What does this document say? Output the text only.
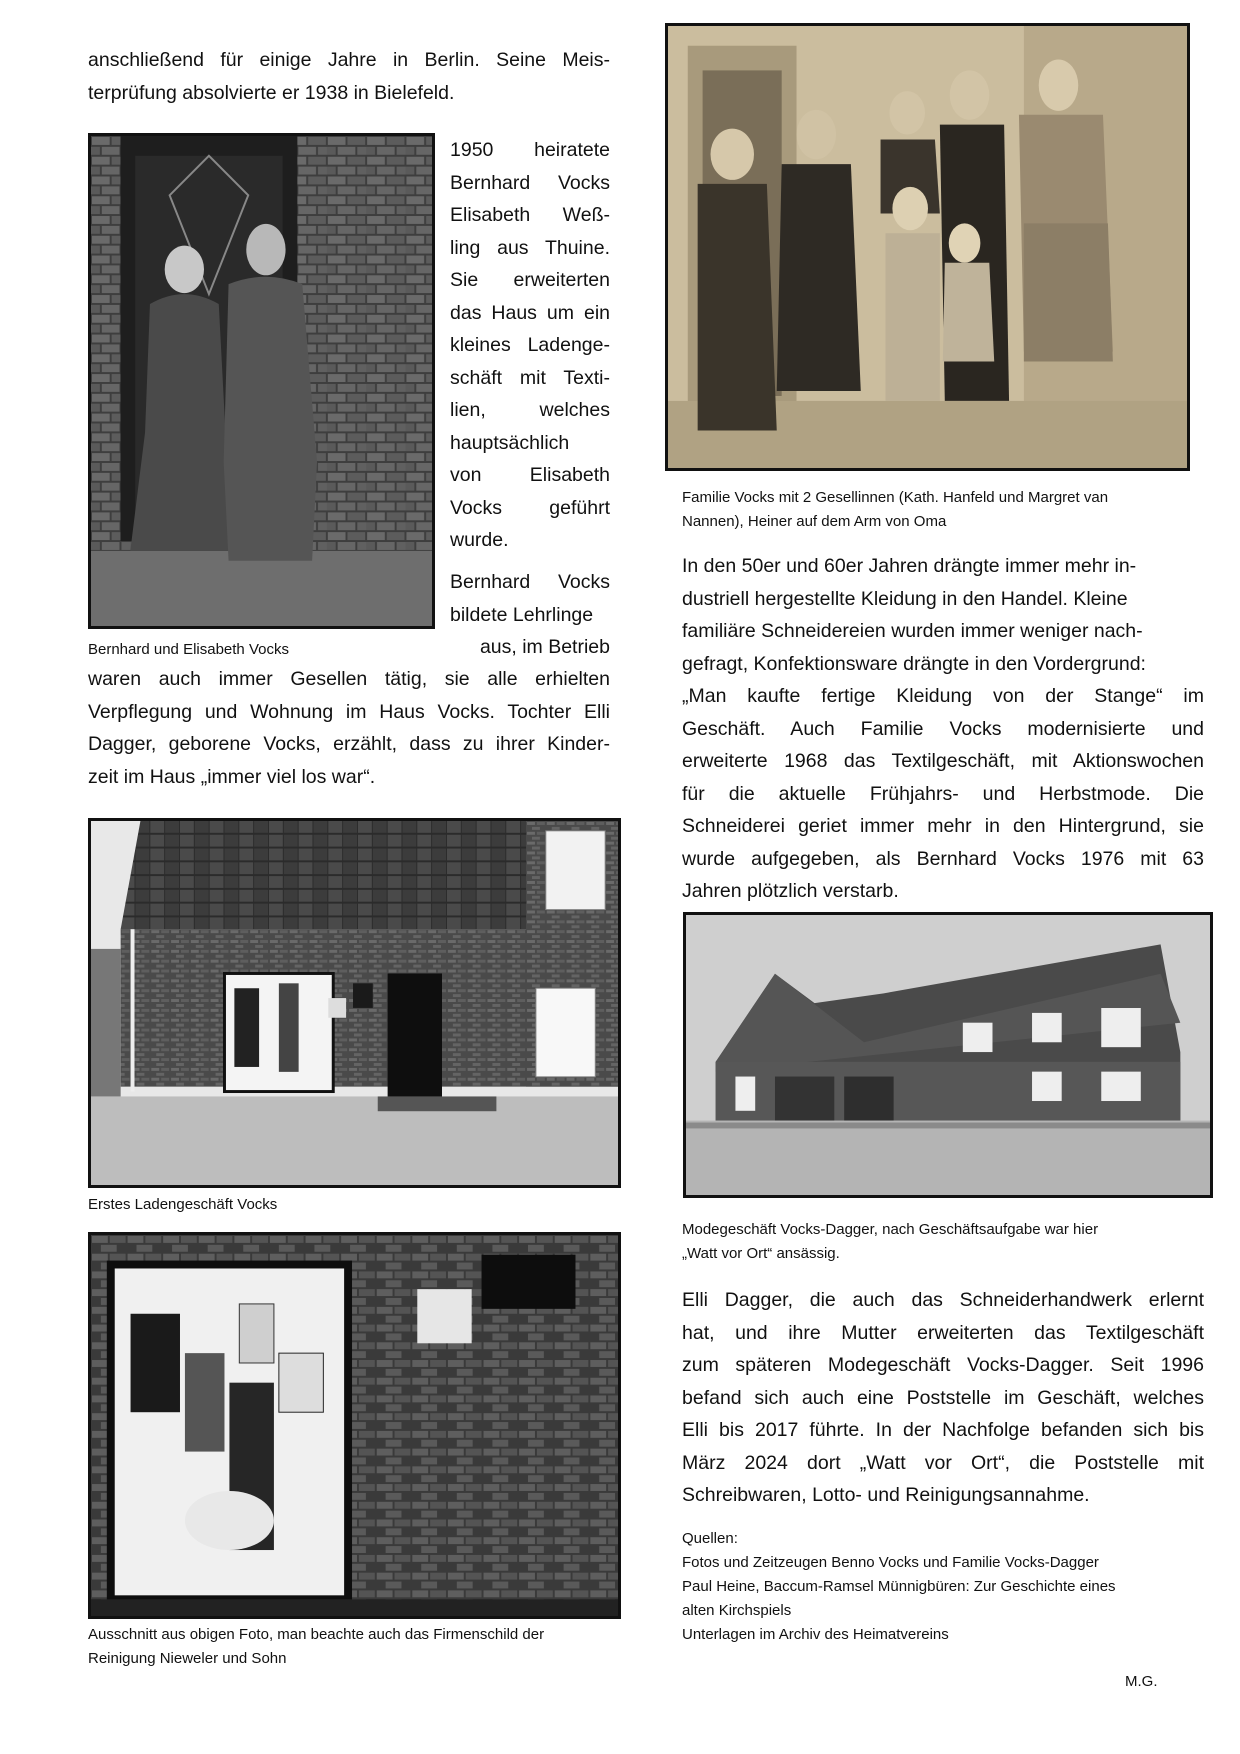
anschließend für einige Jahre in Berlin. Seine Meis-
terprüfung absolvierte er 1938 in Bielefeld.
Bernhard und Elisabeth Vocks
1950 heiratete
Bernhard Vocks
Elisabeth Weß-
ling aus Thuine.
Sie erweiterten
das Haus um ein
kleines Ladenge-
schäft mit Texti-
lien, welches
hauptsächlich
von Elisabeth
Vocks geführt
wurde.
Bernhard Vocks
bildete Lehrlinge
aus, im Betrieb
waren auch immer Gesellen tätig, sie alle erhielten
Verpflegung und Wohnung im Haus Vocks. Tochter Elli
Dagger, geborene Vocks, erzählt, dass zu ihrer Kinder-
zeit im Haus „immer viel los war“.
Familie Vocks mit 2 Gesellinnen (Kath. Hanfeld und Margret van
Nannen), Heiner auf dem Arm von Oma
In den 50er und 60er Jahren drängte immer mehr in-
dustriell hergestellte Kleidung in den Handel. Kleine
familiäre Schneidereien wurden immer weniger nach-
gefragt, Konfektionsware drängte in den Vordergrund:
„Man kaufte fertige Kleidung von der Stange“ im
Geschäft. Auch Familie Vocks modernisierte und
erweiterte 1968 das Textilgeschäft, mit Aktionswochen
für die aktuelle Frühjahrs- und Herbstmode. Die
Schneiderei geriet immer mehr in den Hintergrund, sie
wurde aufgegeben, als Bernhard Vocks 1976 mit 63
Jahren plötzlich verstarb.
Erstes Ladengeschäft Vocks
Modegeschäft Vocks-Dagger, nach Geschäftsaufgabe war hier
„Watt vor Ort“ ansässig.
Elli Dagger, die auch das Schneiderhandwerk erlernt
hat, und ihre Mutter erweiterten das Textilgeschäft
zum späteren Modegeschäft Vocks-Dagger. Seit 1996
befand sich auch eine Poststelle im Geschäft, welches
Elli bis 2017 führte. In der Nachfolge befanden sich bis
März 2024 dort „Watt vor Ort“, die Poststelle mit
Schreibwaren, Lotto- und Reinigungsannahme.
Ausschnitt aus obigen Foto, man beachte auch das Firmenschild der
Reinigung Nieweler und Sohn
Quellen:
Fotos und Zeitzeugen Benno Vocks und Familie Vocks-Dagger
Paul Heine, Baccum-Ramsel Münnigbüren: Zur Geschichte eines
alten Kirchspiels
Unterlagen im Archiv des Heimatvereins
M.G.
